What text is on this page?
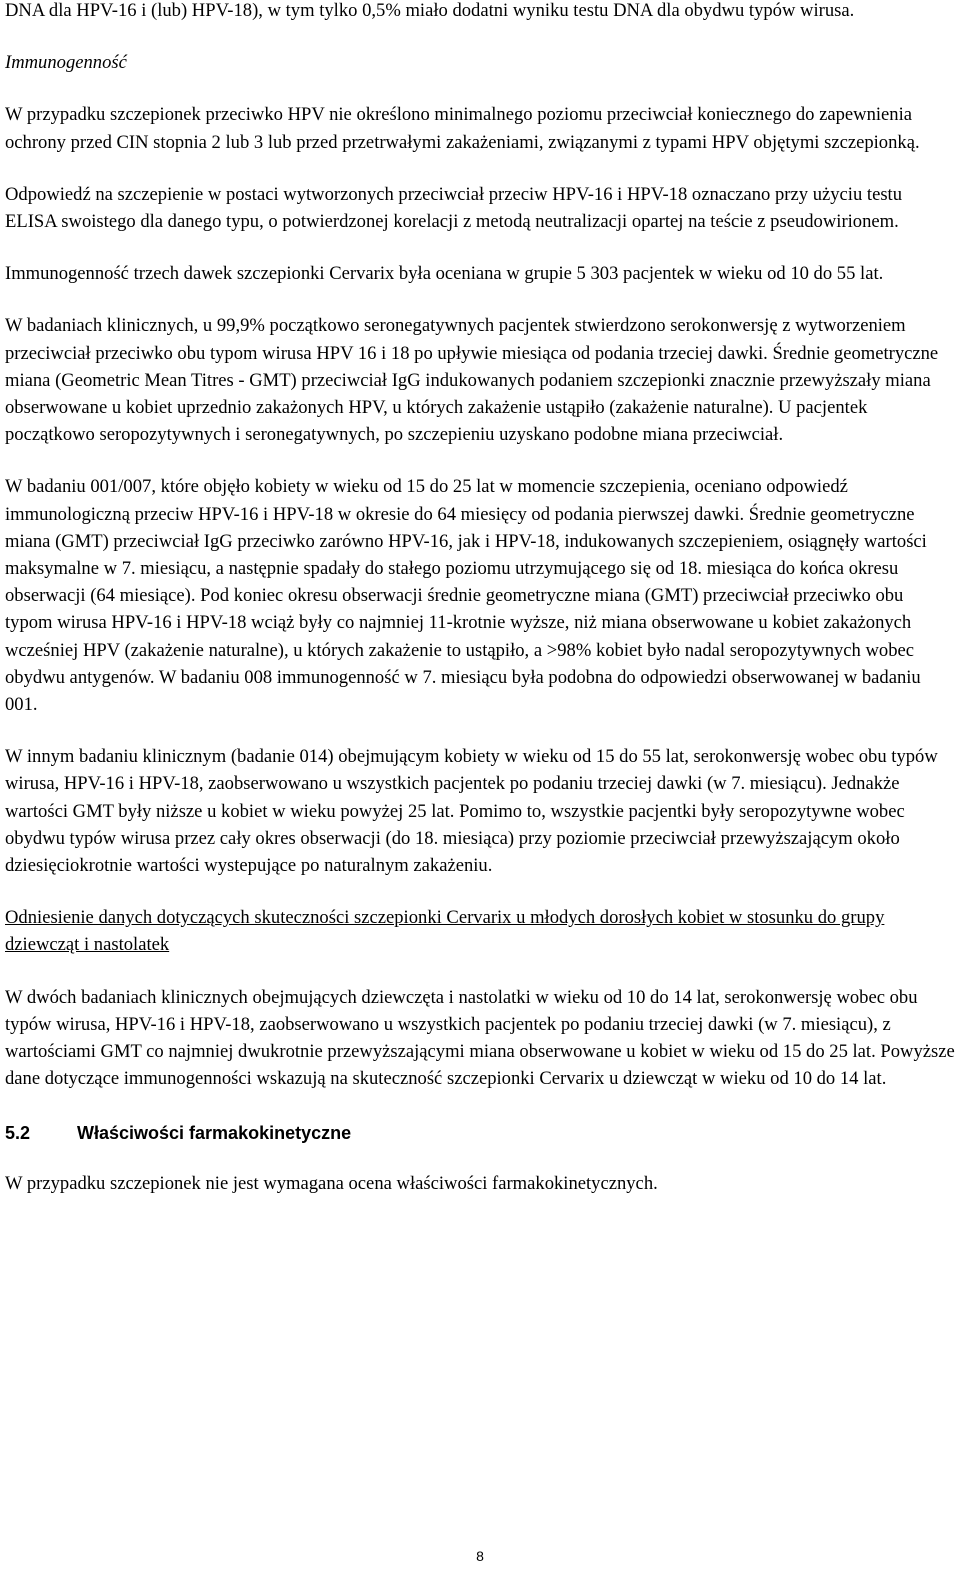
DNA dla HPV-16 i (lub) HPV-18), w tym tylko 0,5% miało dodatni wyniku testu DNA dla obydwu typów wirusa.

Immunogenność

W przypadku szczepionek przeciwko HPV nie określono minimalnego poziomu przeciwciał koniecznego do zapewnienia ochrony przed CIN stopnia 2 lub 3 lub przed przetrwałymi zakażeniami, związanymi z typami HPV objętymi szczepionką.

Odpowiedź na szczepienie w postaci wytworzonych przeciwciał przeciw HPV-16 i HPV-18 oznaczano przy użyciu testu ELISA swoistego dla danego typu, o potwierdzonej korelacji z metodą neutralizacji opartej na teście z pseudowirionem.

Immunogenność trzech dawek szczepionki Cervarix była oceniana w grupie 5 303 pacjentek w wieku od 10 do 55 lat.

W badaniach klinicznych, u 99,9% początkowo seronegatywnych pacjentek stwierdzono serokonwersję z wytworzeniem przeciwciał przeciwko obu typom wirusa HPV 16 i 18 po upływie miesiąca od podania trzeciej dawki. Średnie geometryczne miana (Geometric Mean Titres - GMT) przeciwciał IgG indukowanych podaniem szczepionki znacznie przewyższały miana obserwowane u kobiet uprzednio zakażonych HPV, u których zakażenie ustąpiło (zakażenie naturalne). U pacjentek początkowo seropozytywnych i seronegatywnych, po szczepieniu uzyskano podobne miana przeciwciał.

W badaniu 001/007, które objęło kobiety w wieku od 15 do 25 lat w momencie szczepienia, oceniano odpowiedź immunologiczną przeciw HPV-16 i HPV-18 w okresie do 64 miesięcy od podania pierwszej dawki. Średnie geometryczne miana (GMT) przeciwciał IgG przeciwko zarówno HPV-16, jak i HPV-18, indukowanych szczepieniem, osiągnęły wartości maksymalne w 7. miesiącu, a następnie spadały do stałego poziomu utrzymującego się od 18. miesiąca do końca okresu obserwacji (64 miesiące). Pod koniec okresu obserwacji średnie geometryczne miana (GMT) przeciwciał przeciwko obu typom wirusa HPV-16 i HPV-18 wciąż były co najmniej 11-krotnie wyższe, niż miana obserwowane u kobiet zakażonych wcześniej HPV (zakażenie naturalne), u których zakażenie to ustąpiło, a >98% kobiet było nadal seropozytywnych wobec obydwu antygenów. W badaniu 008 immunogenność w 7. miesiącu była podobna do odpowiedzi obserwowanej w badaniu 001.

W innym badaniu klinicznym (badanie 014) obejmującym kobiety w wieku od 15 do 55 lat, serokonwersję wobec obu typów wirusa, HPV-16 i HPV-18, zaobserwowano u wszystkich pacjentek po podaniu trzeciej dawki (w 7. miesiącu). Jednakże wartości GMT były niższe u kobiet w wieku powyżej 25 lat. Pomimo to, wszystkie pacjentki były seropozytywne wobec obydwu typów wirusa przez cały okres obserwacji (do 18. miesiąca) przy poziomie przeciwciał przewyższającym około dziesięciokrotnie wartości wystepujące po naturalnym zakażeniu.

Odniesienie danych dotyczących skuteczności szczepionki Cervarix u młodych dorosłych kobiet w stosunku do grupy dziewcząt i nastolatek

W dwóch badaniach klinicznych obejmujących dziewczęta i nastolatki w wieku od 10 do 14 lat, serokonwersję wobec obu typów wirusa, HPV-16 i HPV-18, zaobserwowano u wszystkich pacjentek po podaniu trzeciej dawki (w 7. miesiącu), z wartościami GMT co najmniej dwukrotnie przewyższającymi miana obserwowane u kobiet w wieku od 15 do 25 lat. Powyższe dane dotyczące immunogenności wskazują na skuteczność szczepionki Cervarix u dziewcząt w wieku od 10 do 14 lat.

5.2	Właściwości farmakokinetyczne

W przypadku szczepionek nie jest wymagana ocena właściwości farmakokinetycznych.

8
